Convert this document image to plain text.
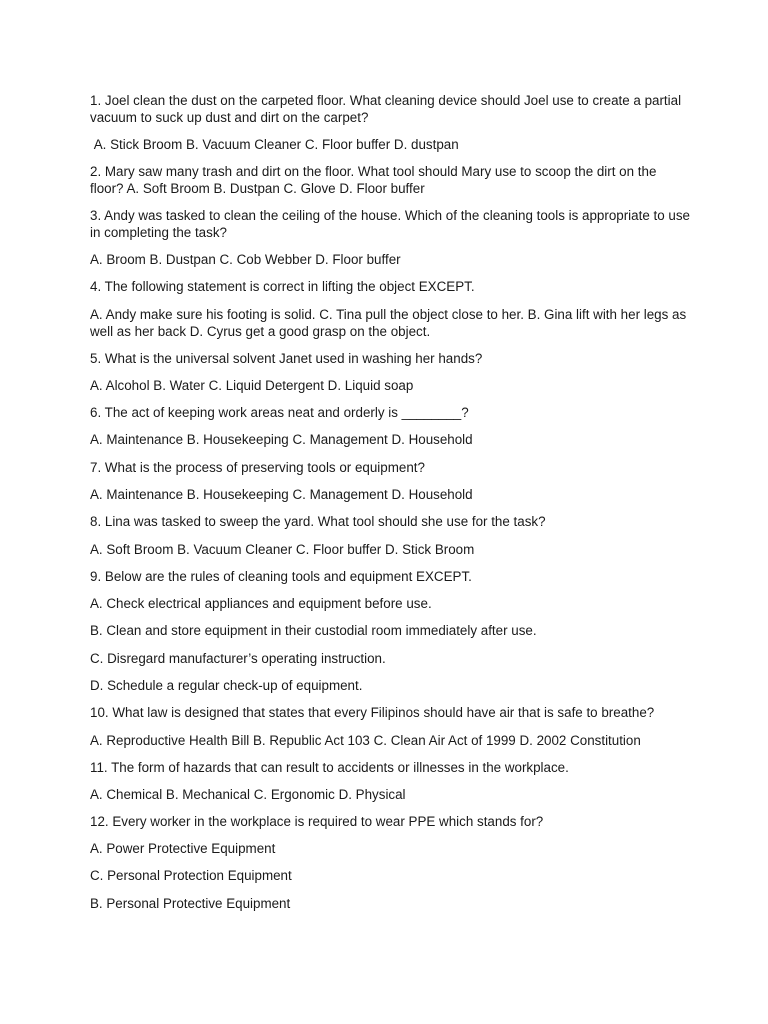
1. Joel clean the dust on the carpeted floor. What cleaning device should Joel use to create a partial vacuum to suck up dust and dirt on the carpet?

A. Stick Broom B. Vacuum Cleaner C. Floor buffer D. dustpan

2. Mary saw many trash and dirt on the floor. What tool should Mary use to scoop the dirt on the floor? A. Soft Broom B. Dustpan C. Glove D. Floor buffer

3. Andy was tasked to clean the ceiling of the house. Which of the cleaning tools is appropriate to use in completing the task?

A. Broom B. Dustpan C. Cob Webber D. Floor buffer

4. The following statement is correct in lifting the object EXCEPT.

A. Andy make sure his footing is solid. C. Tina pull the object close to her. B. Gina lift with her legs as well as her back D. Cyrus get a good grasp on the object.

5. What is the universal solvent Janet used in washing her hands?

A. Alcohol B. Water C. Liquid Detergent D. Liquid soap

6. The act of keeping work areas neat and orderly is ________?

A. Maintenance B. Housekeeping C. Management D. Household

7. What is the process of preserving tools or equipment?

A. Maintenance B. Housekeeping C. Management D. Household

8. Lina was tasked to sweep the yard. What tool should she use for the task?

A. Soft Broom B. Vacuum Cleaner C. Floor buffer D. Stick Broom

9. Below are the rules of cleaning tools and equipment EXCEPT.

A. Check electrical appliances and equipment before use.

B. Clean and store equipment in their custodial room immediately after use.

C. Disregard manufacturer’s operating instruction.

D. Schedule a regular check-up of equipment.

10. What law is designed that states that every Filipinos should have air that is safe to breathe?

A. Reproductive Health Bill B. Republic Act 103 C. Clean Air Act of 1999 D. 2002 Constitution

11. The form of hazards that can result to accidents or illnesses in the workplace.

A. Chemical B. Mechanical C. Ergonomic D. Physical

12. Every worker in the workplace is required to wear PPE which stands for?

A. Power Protective Equipment

C. Personal Protection Equipment

B. Personal Protective Equipment
